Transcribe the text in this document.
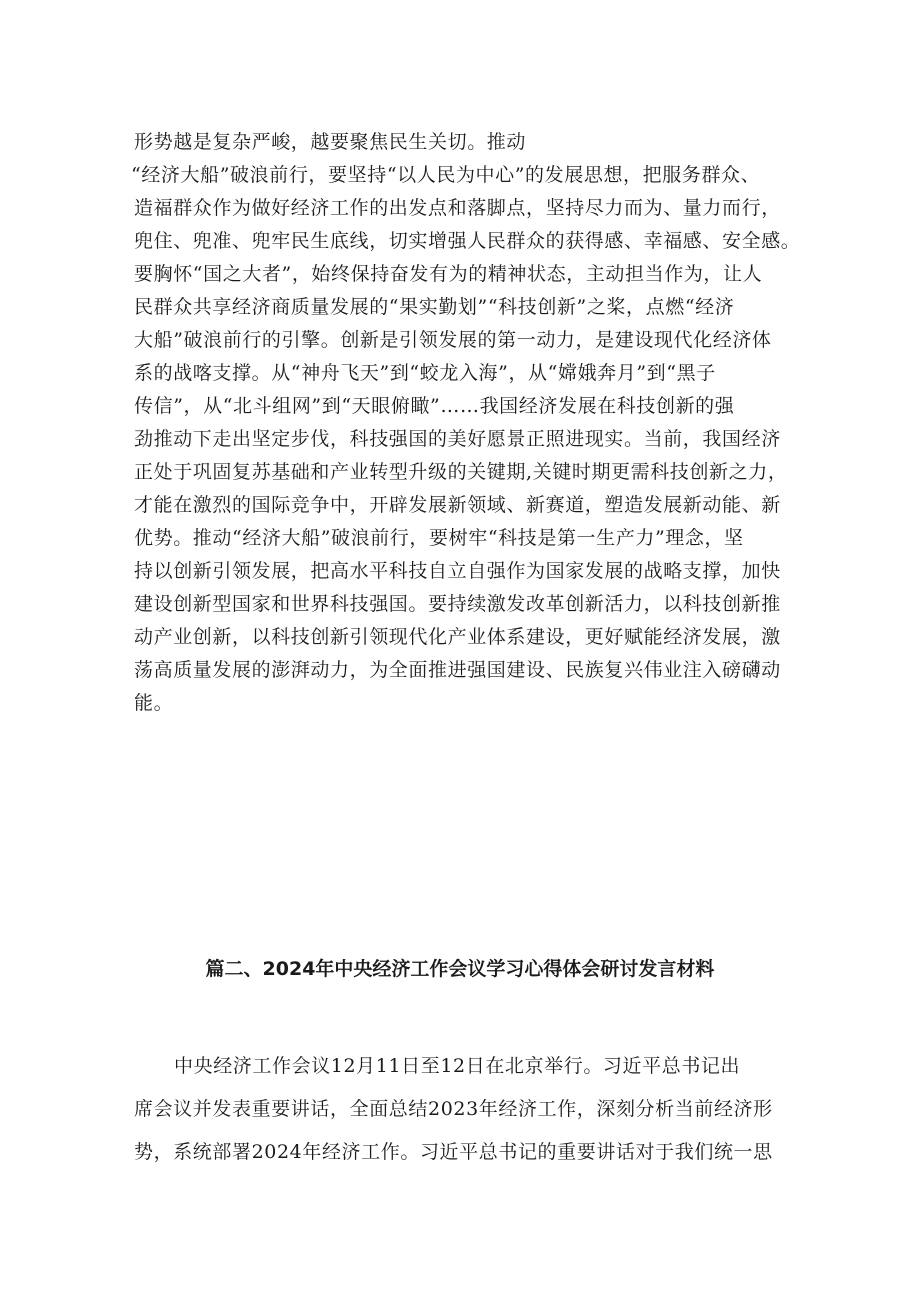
形势越是复杂严峻，越要聚焦民生关切。推动
“经济大船”破浪前行，要坚持“以人民为中心”的发展思想，把服务群众、
造福群众作为做好经济工作的出发点和落脚点，坚持尽力而为、量力而行，
兜住、兜准、兜牢民生底线，切实增强人民群众的获得感、幸福感、安全感。
要胸怀“国之大者”，始终保持奋发有为的精神状态，主动担当作为，让人
民群众共享经济商质量发展的“果实勤划”“科技创新”之桨，点燃“经济
大船”破浪前行的引擎。创新是引领发展的第一动力，是建设现代化经济体
系的战喀支撑。从“神舟飞天”到“蛟龙入海”，从“嫦娥奔月”到“黑子
传信”，从“北斗组网”到“天眼俯瞰”……我国经济发展在科技创新的强
劲推动下走出坚定步伐，科技强国的美好愿景正照进现实。当前，我国经济
正处于巩固复苏基础和产业转型升级的关键期,关键时期更需科技创新之力，
才能在激烈的国际竞争中，开辟发展新领域、新赛道，塑造发展新动能、新
优势。推动“经济大船”破浪前行，要树牢“科技是第一生产力”理念，坚
持以创新引领发展，把高水平科技自立自强作为国家发展的战略支撑，加快
建设创新型国家和世界科技强国。要持续激发改革创新活力，以科技创新推
动产业创新，以科技创新引领现代化产业体系建设，更好赋能经济发展，激
荡高质量发展的澎湃动力，为全面推进强国建设、民族复兴伟业注入磅礴动
能。
篇二、2024年中央经济工作会议学习心得体会研讨发言材料
中央经济工作会议12月11日至12日在北京举行。习近平总书记出
席会议并发表重要讲话，全面总结2023年经济工作，深刻分析当前经济形
势，系统部署2024年经济工作。习近平总书记的重要讲话对于我们统一思
